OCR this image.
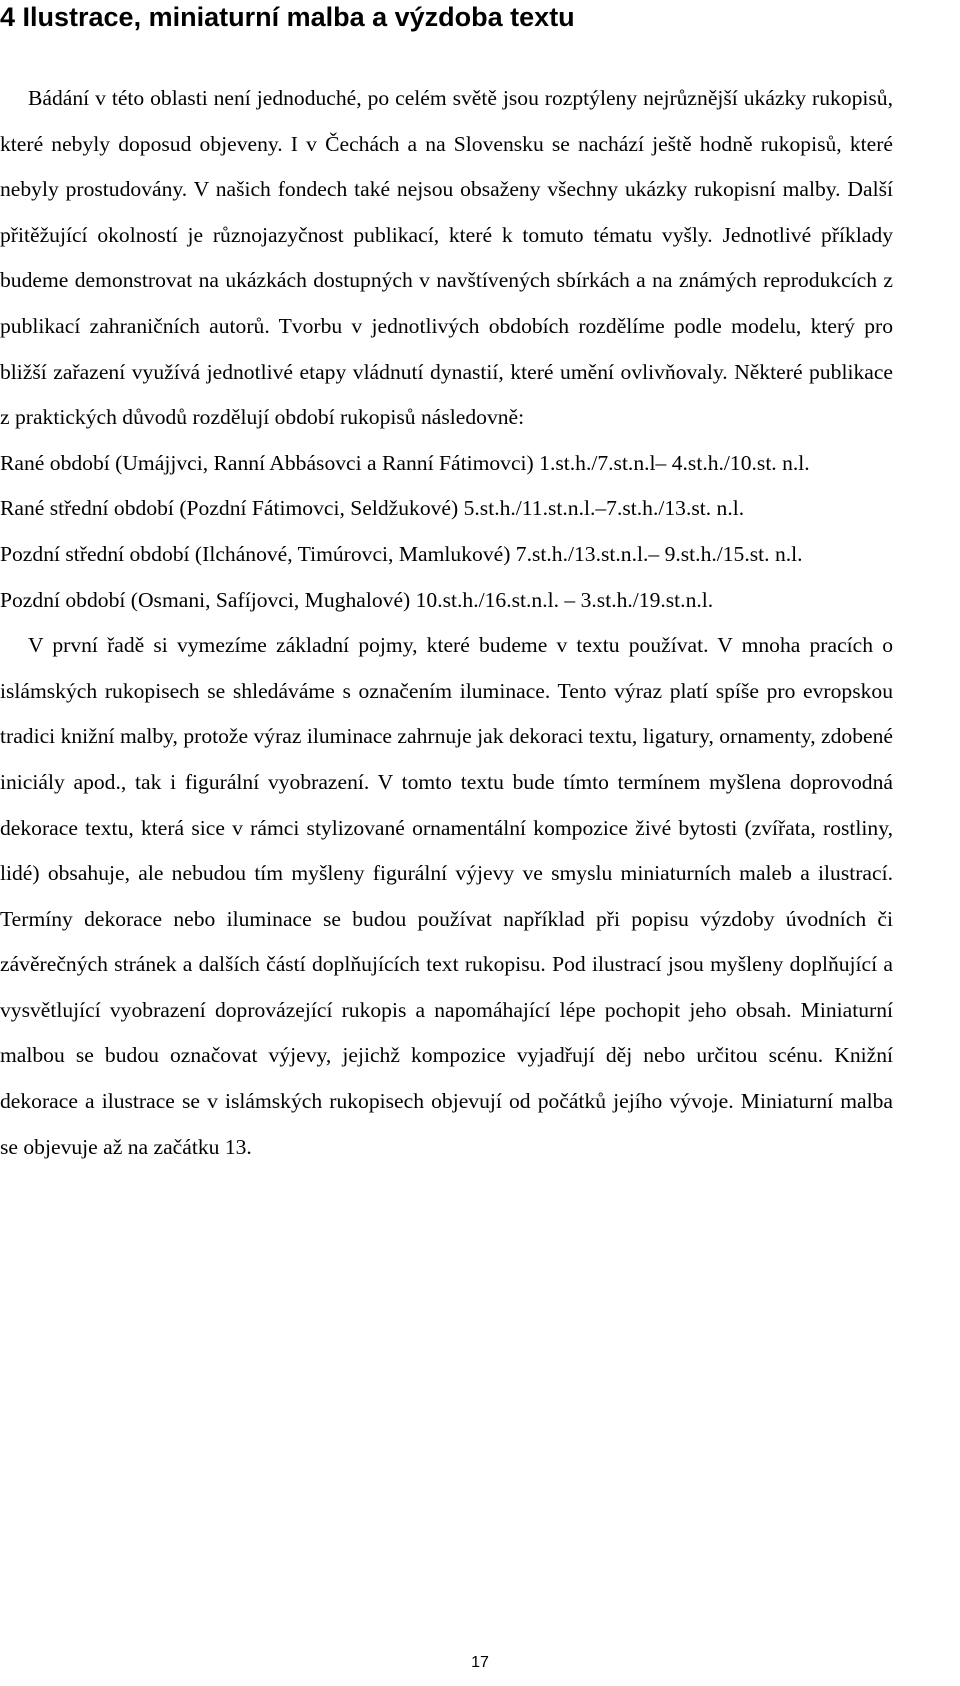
4 Ilustrace, miniaturní malba a výzdoba textu

Bádání v této oblasti není jednoduché, po celém světě jsou rozptýleny nejrůznější ukázky rukopisů, které nebyly doposud objeveny. I v Čechách a na Slovensku se nachází ještě hodně rukopisů, které nebyly prostudovány. V našich fondech také nejsou obsaženy všechny ukázky rukopisní malby. Další přitěžující okolností je různojazyčnost publikací, které k tomuto tématu vyšly. Jednotlivé příklady budeme demonstrovat na ukázkách dostupných v navštívených sbírkách a na známých reprodukcích z publikací zahraničních autorů. Tvorbu v jednotlivých obdobích rozdělíme podle modelu, který pro bližší zařazení využívá jednotlivé etapy vládnutí dynastií, které umění ovlivňovaly. Některé publikace z praktických důvodů rozdělují období rukopisů následovně:

Rané období (Umájjvci, Ranní Abbásovci a Ranní Fátimovci) 1.st.h./7.st.n.l– 4.st.h./10.st. n.l.

Rané střední období (Pozdní Fátimovci, Seldžukové) 5.st.h./11.st.n.l.–7.st.h./13.st. n.l.

Pozdní střední období (Ilchánové, Timúrovci, Mamlukové) 7.st.h./13.st.n.l.– 9.st.h./15.st. n.l.

Pozdní období (Osmani, Safíjovci, Mughalové) 10.st.h./16.st.n.l. – 3.st.h./19.st.n.l.

V první řadě si vymezíme základní pojmy, které budeme v textu používat. V mnoha pracích o islámských rukopisech se shledáváme s označením iluminace. Tento výraz platí spíše pro evropskou tradici knižní malby, protože výraz iluminace zahrnuje jak dekoraci textu, ligatury, ornamenty, zdobené iniciály apod., tak i figurální vyobrazení. V tomto textu bude tímto termínem myšlena doprovodná dekorace textu, která sice v rámci stylizované ornamentální kompozice živé bytosti (zvířata, rostliny, lidé) obsahuje, ale nebudou tím myšleny figurální výjevy ve smyslu miniaturních maleb a ilustrací. Termíny dekorace nebo iluminace se budou používat například při popisu výzdoby úvodních či závěrečných stránek a dalších částí doplňujících text rukopisu. Pod ilustrací jsou myšleny doplňující a vysvětlující vyobrazení doprovázející rukopis a napomáhající lépe pochopit jeho obsah. Miniaturní malbou se budou označovat výjevy, jejichž kompozice vyjadřují děj nebo určitou scénu. Knižní dekorace a ilustrace se v islámských rukopisech objevují od počátků jejího vývoje. Miniaturní malba se objevuje až na začátku 13.

17
